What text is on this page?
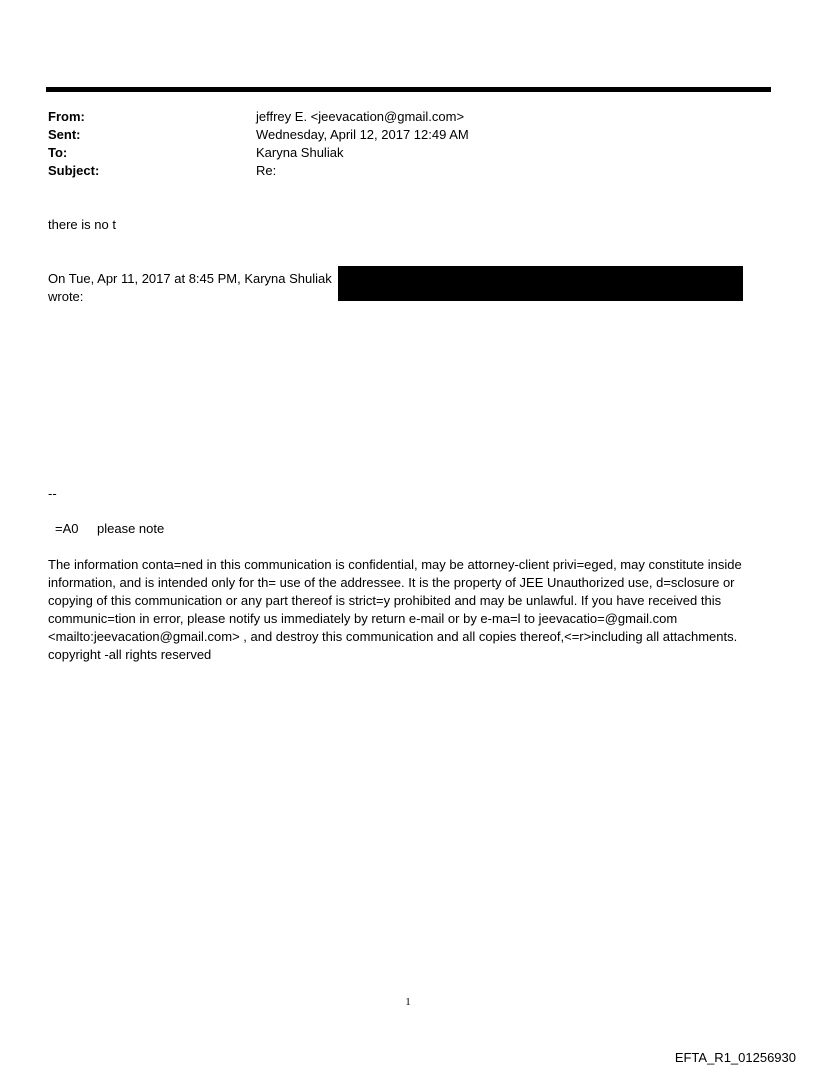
From:	jeffrey E. <jeevacation@gmail.com>
Sent:	Wednesday, April 12, 2017 12:49 AM
To:	Karyna Shuliak
Subject:	Re:
there is no t
On Tue, Apr 11, 2017 at 8:45 PM, Karyna Shuliak
wrote:
--
=A0 please note
The information conta=ned in this communication is confidential, may be attorney-client privi=eged, may constitute inside information, and is intended only for th= use of the addressee. It is the property of JEE Unauthorized use, d=sclosure or copying of this communication or any part thereof is strict=y prohibited and may be unlawful. If you have received this communic=tion in error, please notify us immediately by return e-mail or by e-ma=l to jeevacatio=@gmail.com <mailto:jeevacation@gmail.com> , and destroy this communication and all copies thereof,<=r>including all attachments. copyright -all rights reserved
1
EFTA_R1_01256930
